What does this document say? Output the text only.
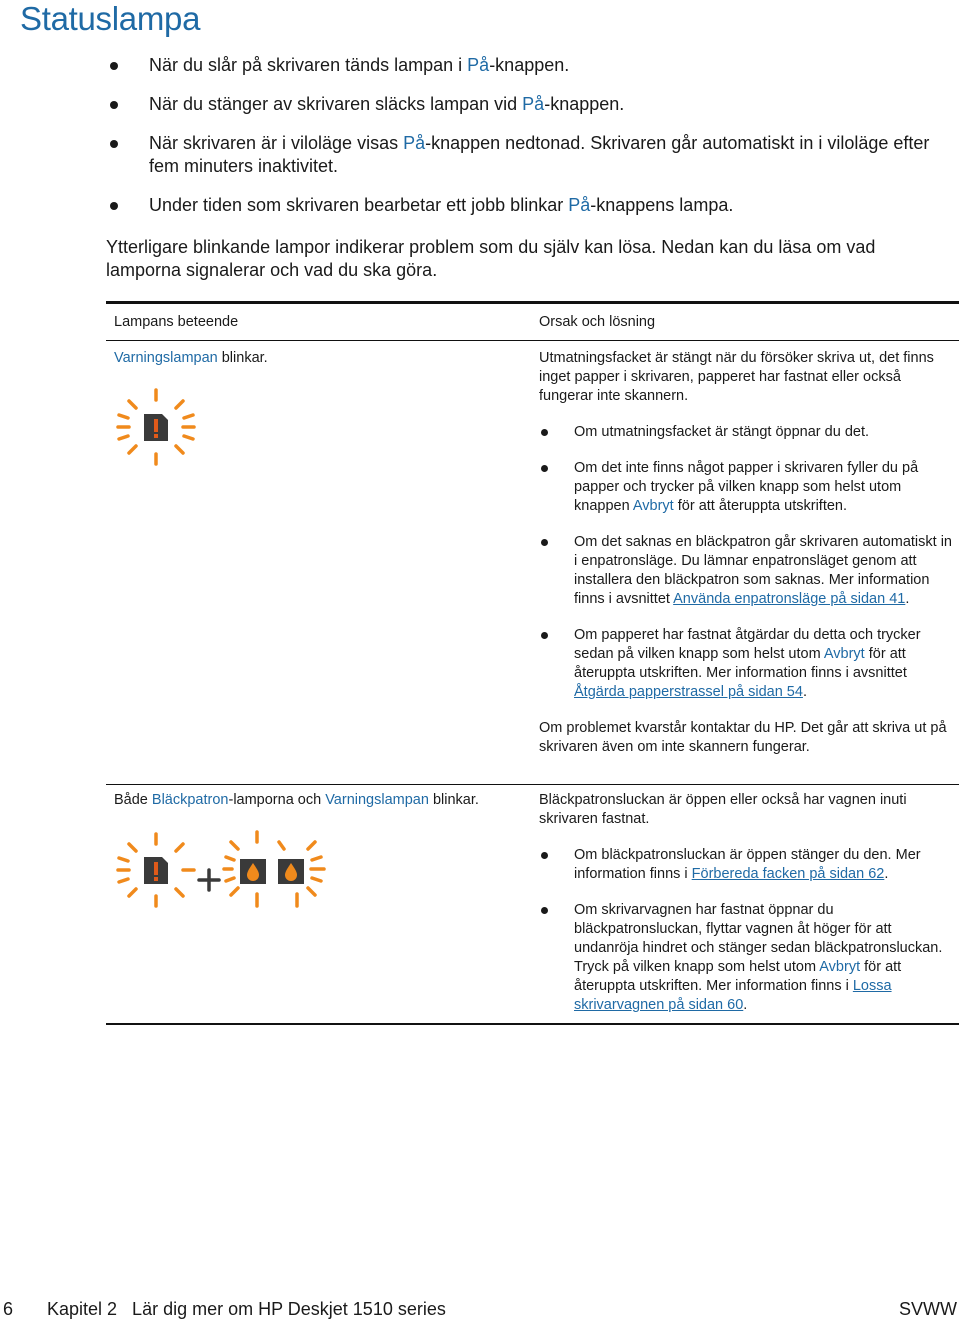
Statuslampa
När du slår på skrivaren tänds lampan i På-knappen.
När du stänger av skrivaren släcks lampan vid På-knappen.
När skrivaren är i viloläge visas På-knappen nedtonad. Skrivaren går automatiskt in i viloläge efter fem minuters inaktivitet.
Under tiden som skrivaren bearbetar ett jobb blinkar På-knappens lampa.

Ytterligare blinkande lampor indikerar problem som du själv kan lösa. Nedan kan du läsa om vad lamporna signalerar och vad du ska göra.

Lampans beteende	Orsak och lösning
Varningslampan blinkar.	Utmatningsfacket är stängt när du försöker skriva ut, det finns inget papper i skrivaren, papperet har fastnat eller också fungerar inte skannern.

Om utmatningsfacket är stängt öppnar du det.
Om det inte finns något papper i skrivaren fyller du på papper och trycker på vilken knapp som helst utom knappen Avbryt för att återuppta utskriften.
Om det saknas en bläckpatron går skrivaren automatiskt in i enpatronsläge. Du lämnar enpatronsläget genom att installera den bläckpatron som saknas. Mer information finns i avsnittet Använda enpatronsläge på sidan 41.
Om papperet har fastnat åtgärdar du detta och trycker sedan på vilken knapp som helst utom Avbryt för att återuppta utskriften. Mer information finns i avsnittet Åtgärda papperstrassel på sidan 54.

Om problemet kvarstår kontaktar du HP. Det går att skriva ut på skrivaren även om inte skannern fungerar.

Både Bläckpatron-lamporna och Varningslampan blinkar.	Bläckpatronsluckan är öppen eller också har vagnen inuti skrivaren fastnat.

Om bläckpatronsluckan är öppen stänger du den. Mer information finns i Förbereda facken på sidan 62.
Om skrivarvagnen har fastnat öppnar du bläckpatronsluckan, flyttar vagnen åt höger för att undanröja hindret och stänger sedan bläckpatronsluckan. Tryck på vilken knapp som helst utom Avbryt för att återuppta utskriften. Mer information finns i Lossa skrivarvagnen på sidan 60.
6 Kapitel 2   Lär dig mer om HP Deskjet 1510 series	SVWW
